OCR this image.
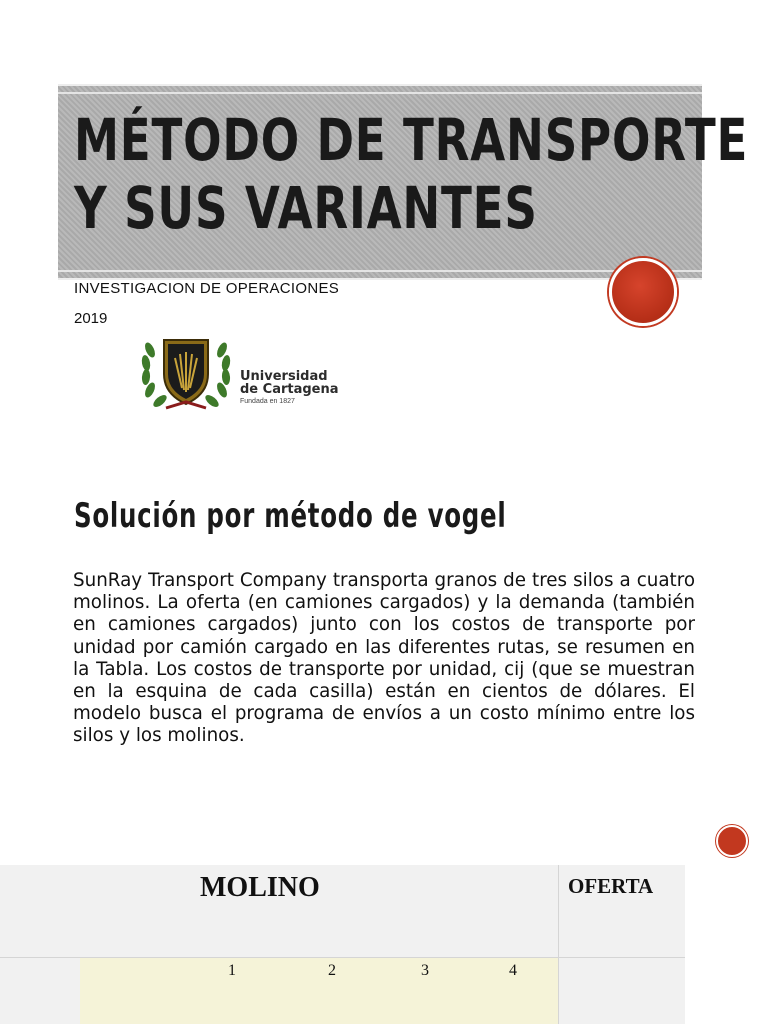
MÉTODO DE TRANSPORTE
Y SUS VARIANTES
INVESTIGACION DE OPERACIONES
2019
Universidad
de Cartagena
Fundada en 1827
Solución por método de vogel

SunRay Transport Company transporta granos de tres silos a cuatro molinos. La oferta (en camiones cargados) y la demanda (también en camiones cargados) junto con los costos de transporte por unidad por camión cargado en las diferentes rutas, se resumen en la Tabla. Los costos de transporte por unidad, cij (que se muestran en la esquina de cada casilla) están en cientos de dólares. El modelo busca el programa de envíos a un costo mínimo entre los silos y los molinos.

MOLINO	OFERTA
1	2	3	4
